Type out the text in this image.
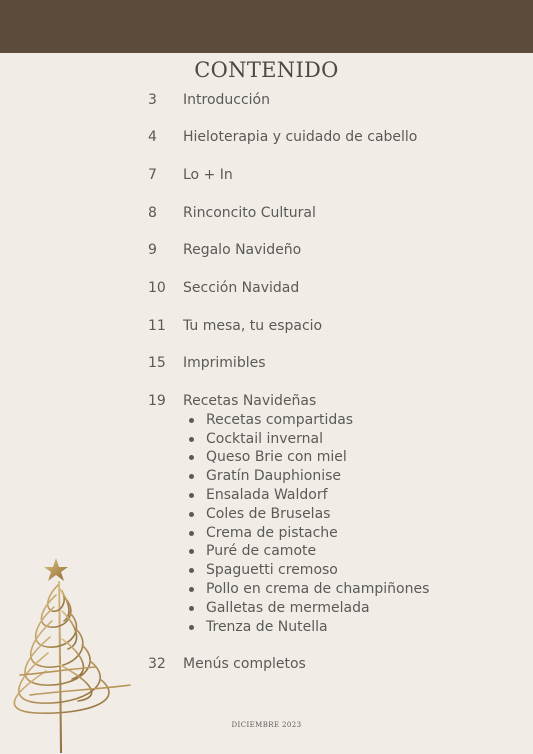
CONTENIDO
3 Introducción
4 Hieloterapia y cuidado de cabello
7 Lo + In
8 Rinconcito Cultural
9 Regalo Navideño
10 Sección Navidad
11 Tu mesa, tu espacio
15 Imprimibles
19 Recetas Navideñas
Recetas compartidas
Cocktail invernal
Queso Brie con miel
Gratín Dauphionise
Ensalada Waldorf
Coles de Bruselas
Crema de pistache
Puré de camote
Spaguetti cremoso
Pollo en crema de champiñones
Galletas de mermelada
Trenza de Nutella
32 Menús completos
DICIEMBRE 2023
